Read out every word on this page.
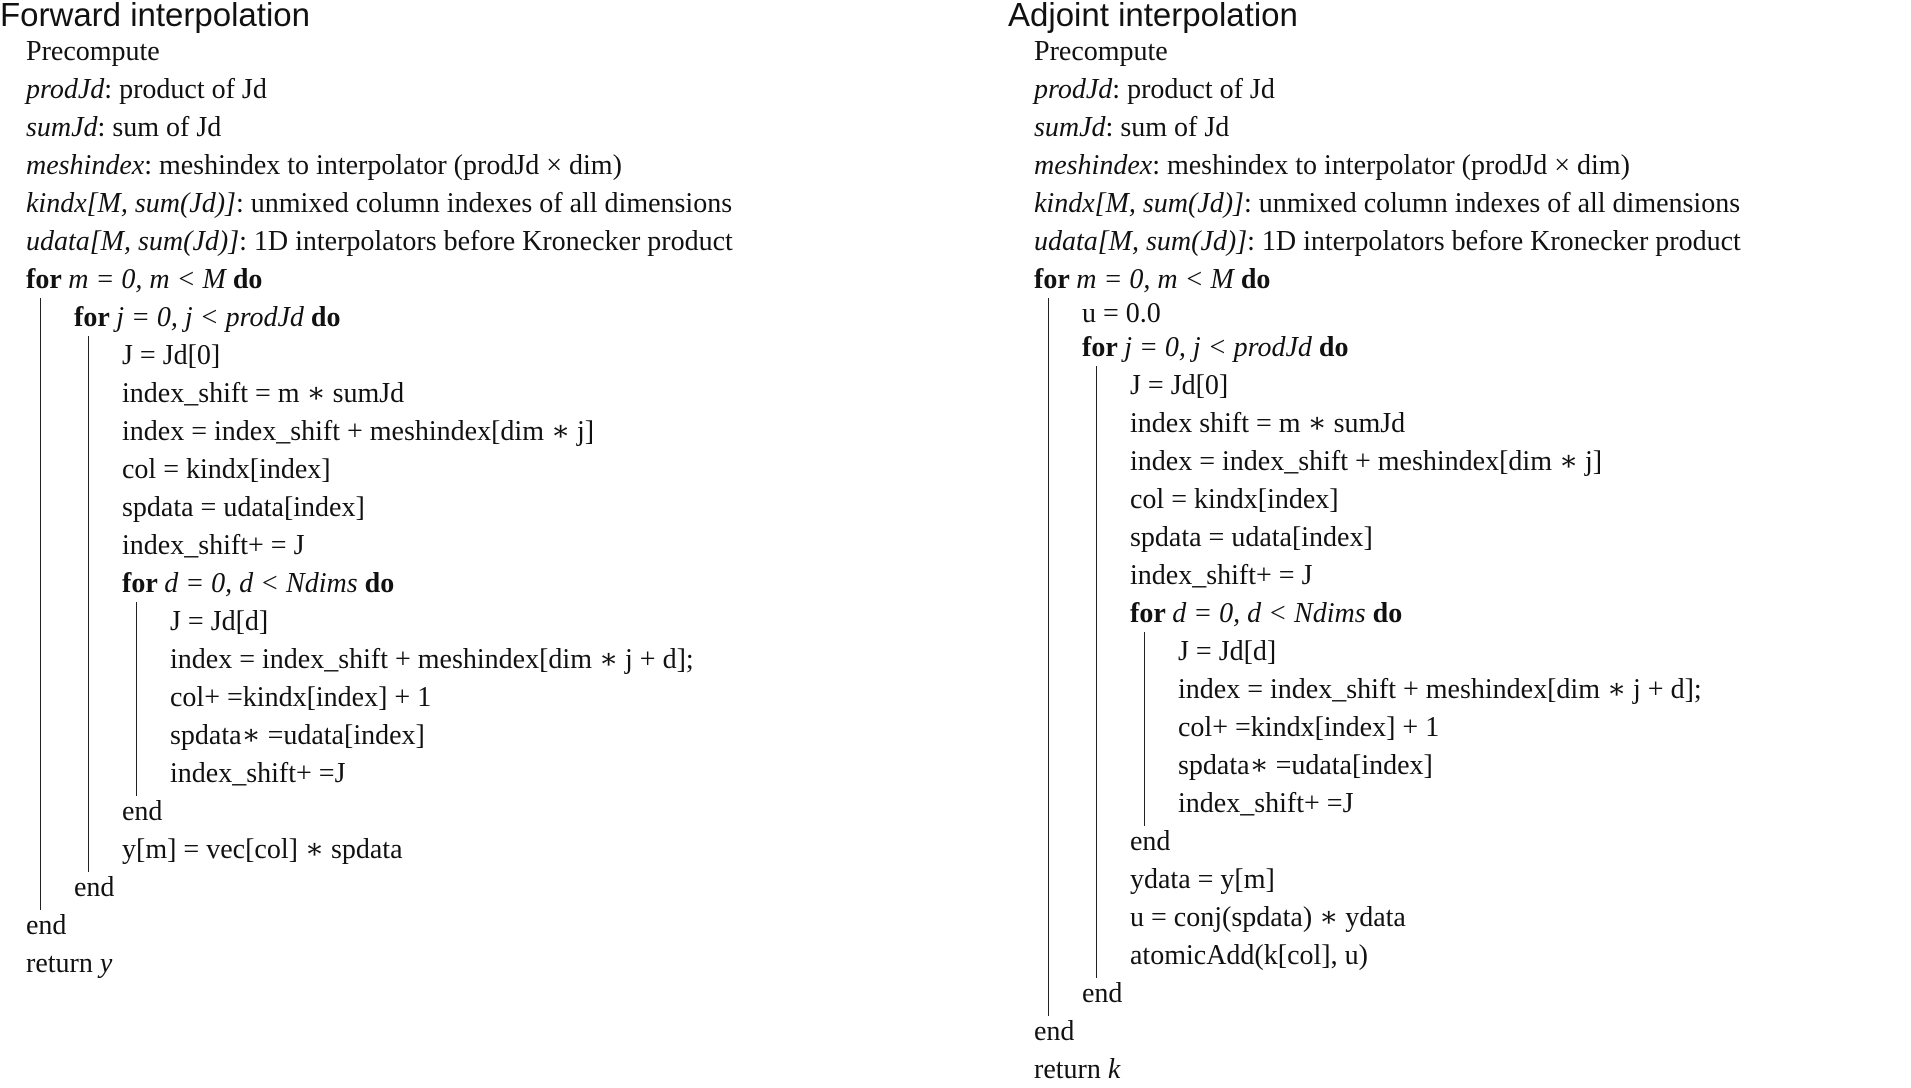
Forward interpolation
Precompute
prodJd: product of Jd
sumJd: sum of Jd
meshindex: meshindex to interpolator (prodJd × dim)
kindx[M, sum(Jd)]: unmixed column indexes of all dimensions
udata[M, sum(Jd)]: 1D interpolators before Kronecker product
for m = 0, m < M do
for j = 0, j < prodJd do
J = Jd[0]
index_shift = m ∗ sumJd
index = index_shift + meshindex[dim ∗ j]
col = kindx[index]
spdata = udata[index]
index_shift+ = J
for d = 0, d < Ndims do
J = Jd[d]
index = index_shift + meshindex[dim ∗ j + d];
col+ =kindx[index] + 1
spdata∗ =udata[index]
index_shift+ =J
end
y[m] = vec[col] ∗ spdata
end
end
return y
Adjoint interpolation
Precompute
prodJd: product of Jd
sumJd: sum of Jd
meshindex: meshindex to interpolator (prodJd × dim)
kindx[M, sum(Jd)]: unmixed column indexes of all dimensions
udata[M, sum(Jd)]: 1D interpolators before Kronecker product
for m = 0, m < M do
u = 0.0
for j = 0, j < prodJd do
J = Jd[0]
index shift = m ∗ sumJd
index = index_shift + meshindex[dim ∗ j]
col = kindx[index]
spdata = udata[index]
index_shift+ = J
for d = 0, d < Ndims do
J = Jd[d]
index = index_shift + meshindex[dim ∗ j + d];
col+ =kindx[index] + 1
spdata∗ =udata[index]
index_shift+ =J
end
ydata = y[m]
u = conj(spdata) ∗ ydata
atomicAdd(k[col], u)
end
end
return k
